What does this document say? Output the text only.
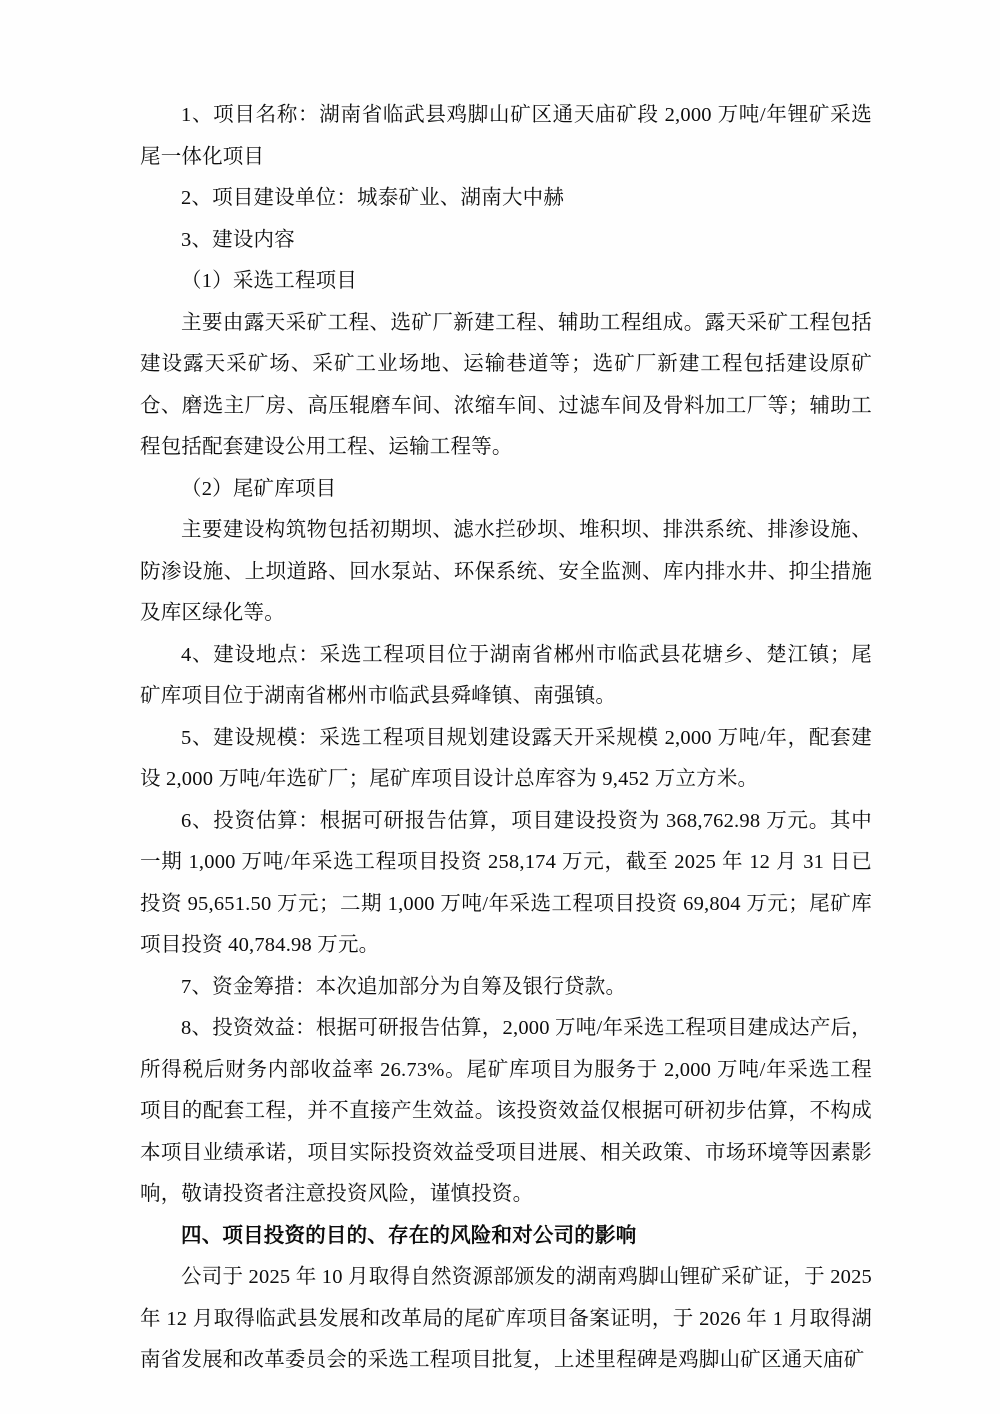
1、项目名称：湖南省临武县鸡脚山矿区通天庙矿段 2,000 万吨/年锂矿采选尾一体化项目

2、项目建设单位：城泰矿业、湖南大中赫

3、建设内容

（1）采选工程项目

主要由露天采矿工程、选矿厂新建工程、辅助工程组成。露天采矿工程包括建设露天采矿场、采矿工业场地、运输巷道等；选矿厂新建工程包括建设原矿仓、磨选主厂房、高压辊磨车间、浓缩车间、过滤车间及骨料加工厂等；辅助工程包括配套建设公用工程、运输工程等。

（2）尾矿库项目

主要建设构筑物包括初期坝、滤水拦砂坝、堆积坝、排洪系统、排渗设施、防渗设施、上坝道路、回水泵站、环保系统、安全监测、库内排水井、抑尘措施及库区绿化等。

4、建设地点：采选工程项目位于湖南省郴州市临武县花塘乡、楚江镇；尾矿库项目位于湖南省郴州市临武县舜峰镇、南强镇。

5、建设规模：采选工程项目规划建设露天开采规模 2,000 万吨/年，配套建设 2,000 万吨/年选矿厂；尾矿库项目设计总库容为 9,452 万立方米。

6、投资估算：根据可研报告估算，项目建设投资为 368,762.98 万元。其中一期 1,000 万吨/年采选工程项目投资 258,174 万元，截至 2025 年 12 月 31 日已投资 95,651.50 万元；二期 1,000 万吨/年采选工程项目投资 69,804 万元；尾矿库项目投资 40,784.98 万元。

7、资金筹措：本次追加部分为自筹及银行贷款。

8、投资效益：根据可研报告估算，2,000 万吨/年采选工程项目建成达产后，所得税后财务内部收益率 26.73%。尾矿库项目为服务于 2,000 万吨/年采选工程项目的配套工程，并不直接产生效益。该投资效益仅根据可研初步估算，不构成本项目业绩承诺，项目实际投资效益受项目进展、相关政策、市场环境等因素影响，敬请投资者注意投资风险，谨慎投资。

四、项目投资的目的、存在的风险和对公司的影响

公司于 2025 年 10 月取得自然资源部颁发的湖南鸡脚山锂矿采矿证，于 2025 年 12 月取得临武县发展和改革局的尾矿库项目备案证明，于 2026 年 1 月取得湖南省发展和改革委员会的采选工程项目批复，上述里程碑是鸡脚山矿区通天庙矿
